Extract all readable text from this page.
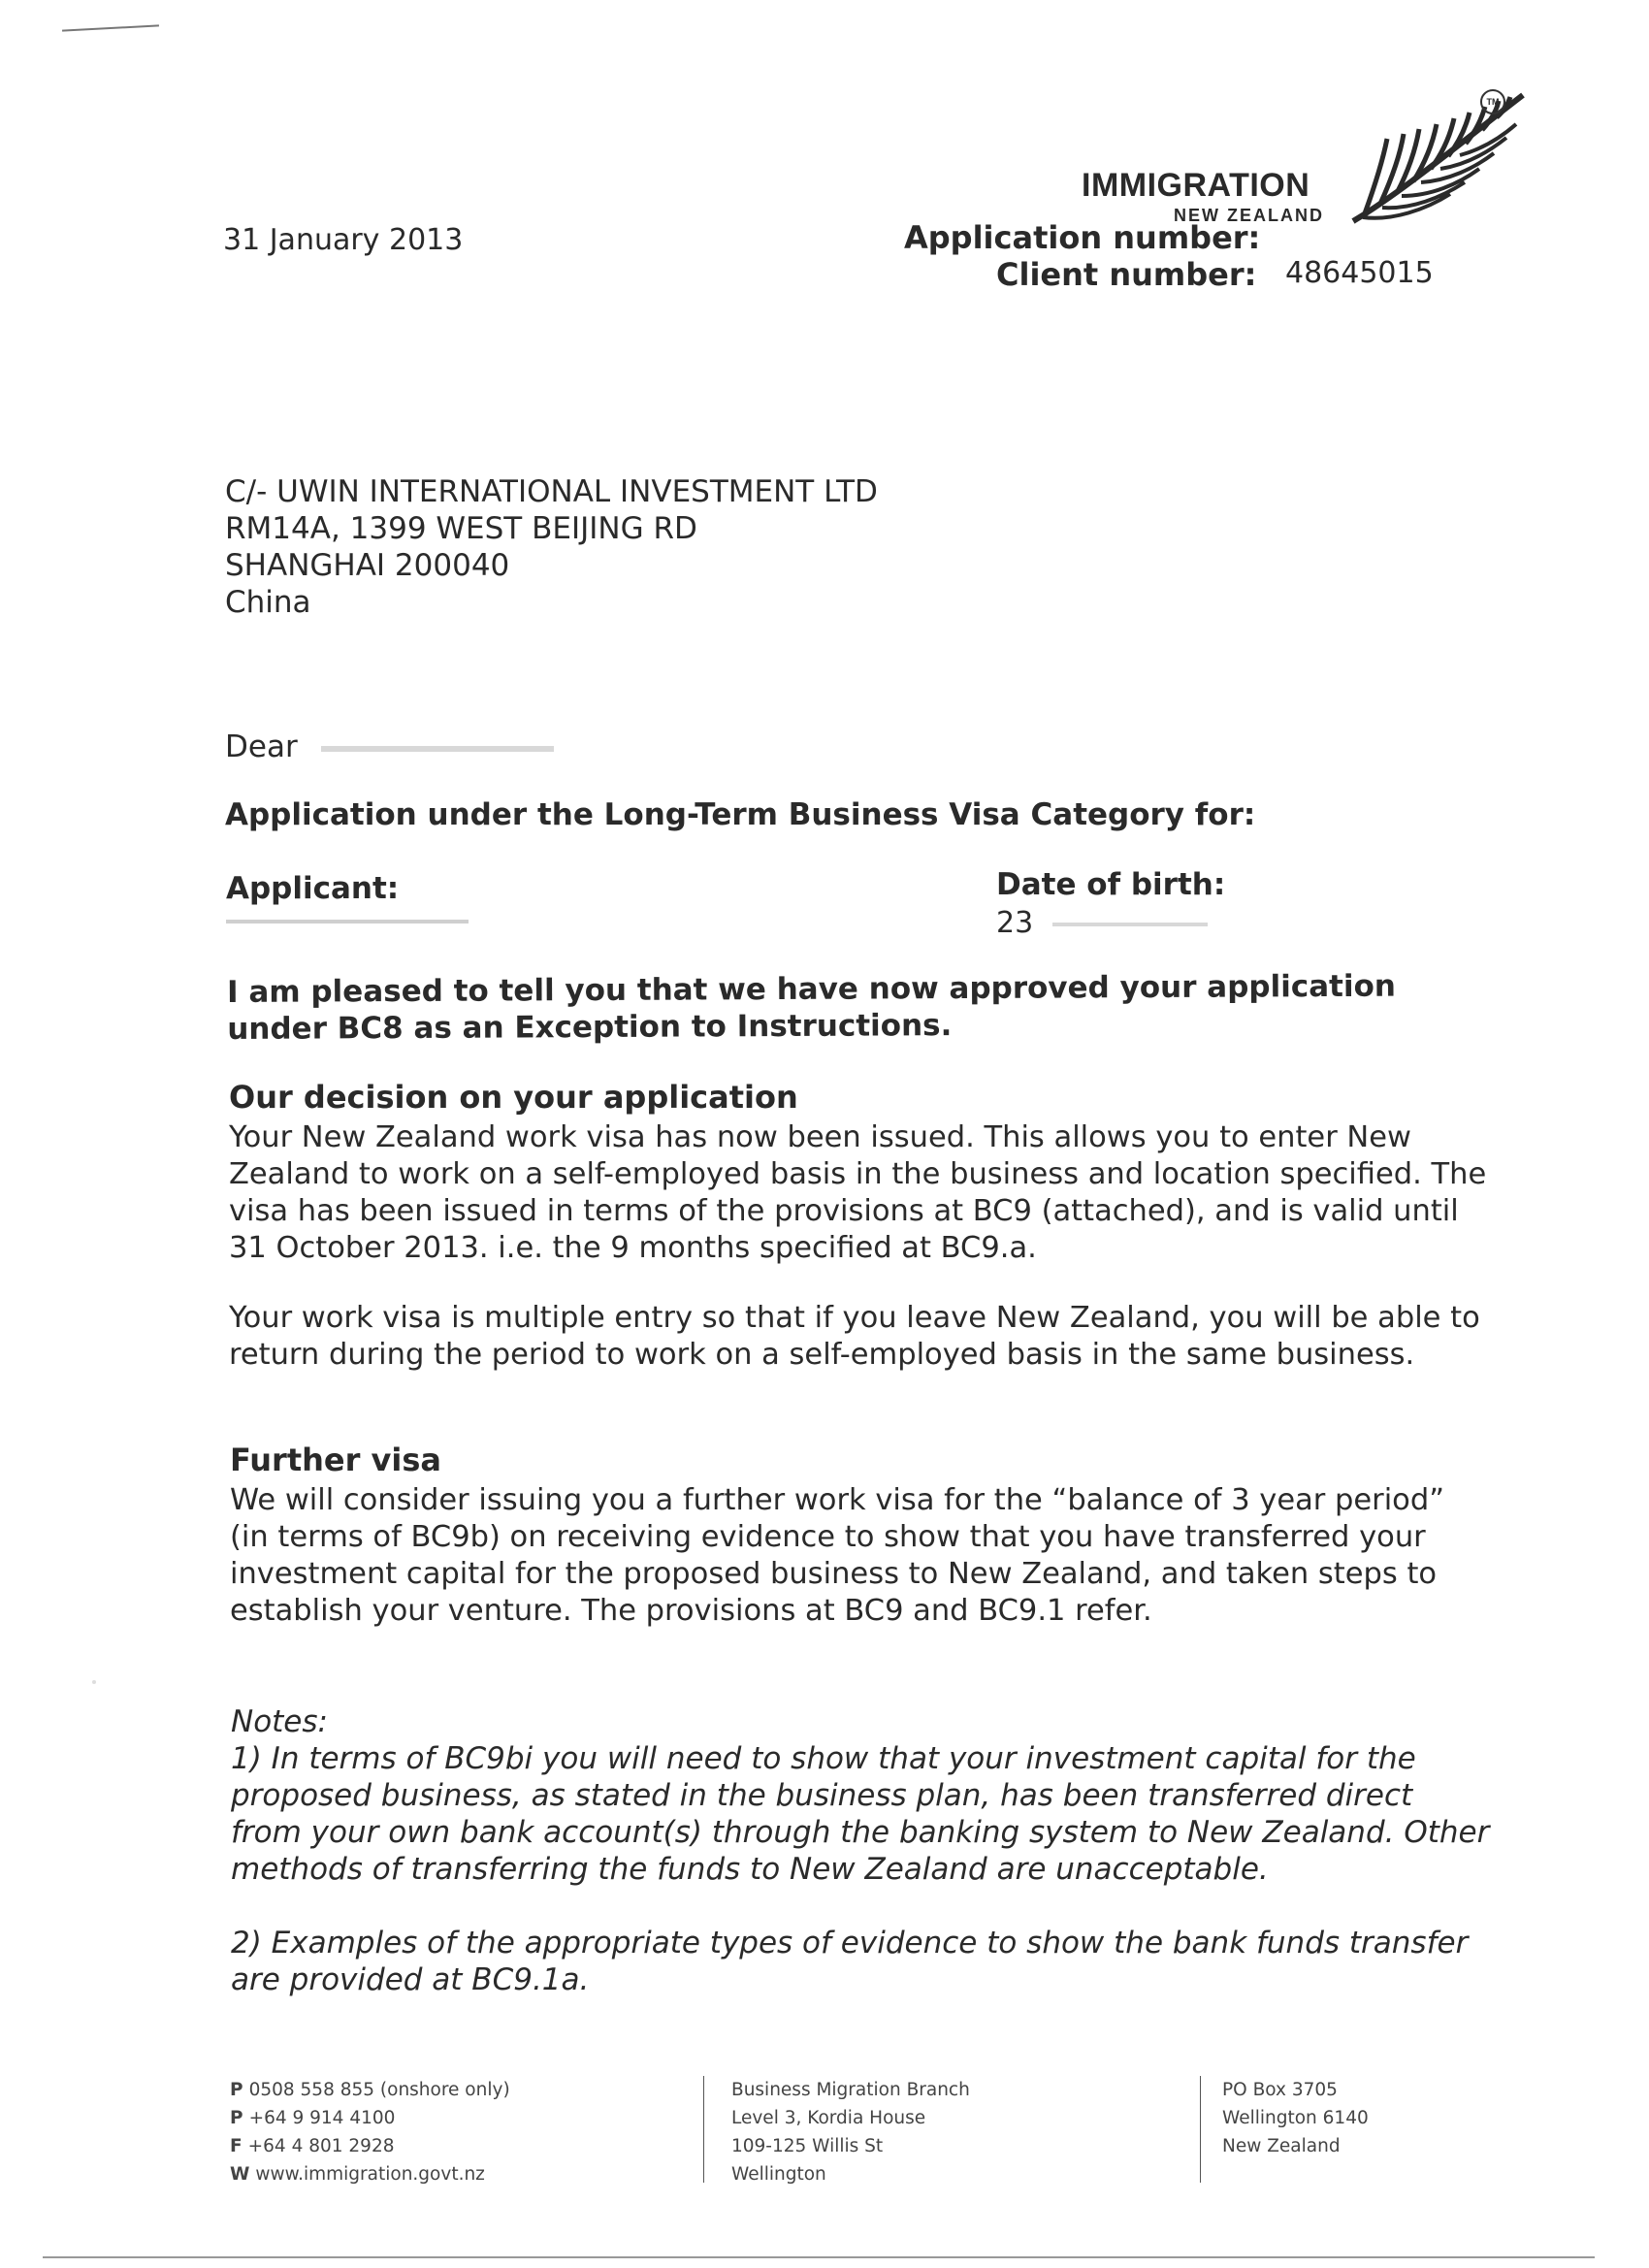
IMMIGRATION
NEW ZEALAND
TM
31 January 2013	Application number:
Client number: 48645015
C/- UWIN INTERNATIONAL INVESTMENT LTD
RM14A, 1399 WEST BEIJING RD
SHANGHAI 200040
China
Dear
Application under the Long-Term Business Visa Category for:
Applicant:	Date of birth:
23
I am pleased to tell you that we have now approved your application under BC8 as an Exception to Instructions.
Our decision on your application
Your New Zealand work visa has now been issued. This allows you to enter New Zealand to work on a self-employed basis in the business and location specified. The visa has been issued in terms of the provisions at BC9 (attached), and is valid until 31 October 2013. i.e. the 9 months specified at BC9.a.
Your work visa is multiple entry so that if you leave New Zealand, you will be able to return during the period to work on a self-employed basis in the same business.
Further visa
We will consider issuing you a further work visa for the “balance of 3 year period” (in terms of BC9b) on receiving evidence to show that you have transferred your investment capital for the proposed business to New Zealand, and taken steps to establish your venture. The provisions at BC9 and BC9.1 refer.
Notes:
1) In terms of BC9bi you will need to show that your investment capital for the proposed business, as stated in the business plan, has been transferred direct from your own bank account(s) through the banking system to New Zealand. Other methods of transferring the funds to New Zealand are unacceptable.
2) Examples of the appropriate types of evidence to show the bank funds transfer are provided at BC9.1a.
P 0508 558 855 (onshore only)
P +64 9 914 4100
F +64 4 801 2928
W www.immigration.govt.nz
Business Migration Branch
Level 3, Kordia House
109-125 Willis St
Wellington
PO Box 3705
Wellington 6140
New Zealand
